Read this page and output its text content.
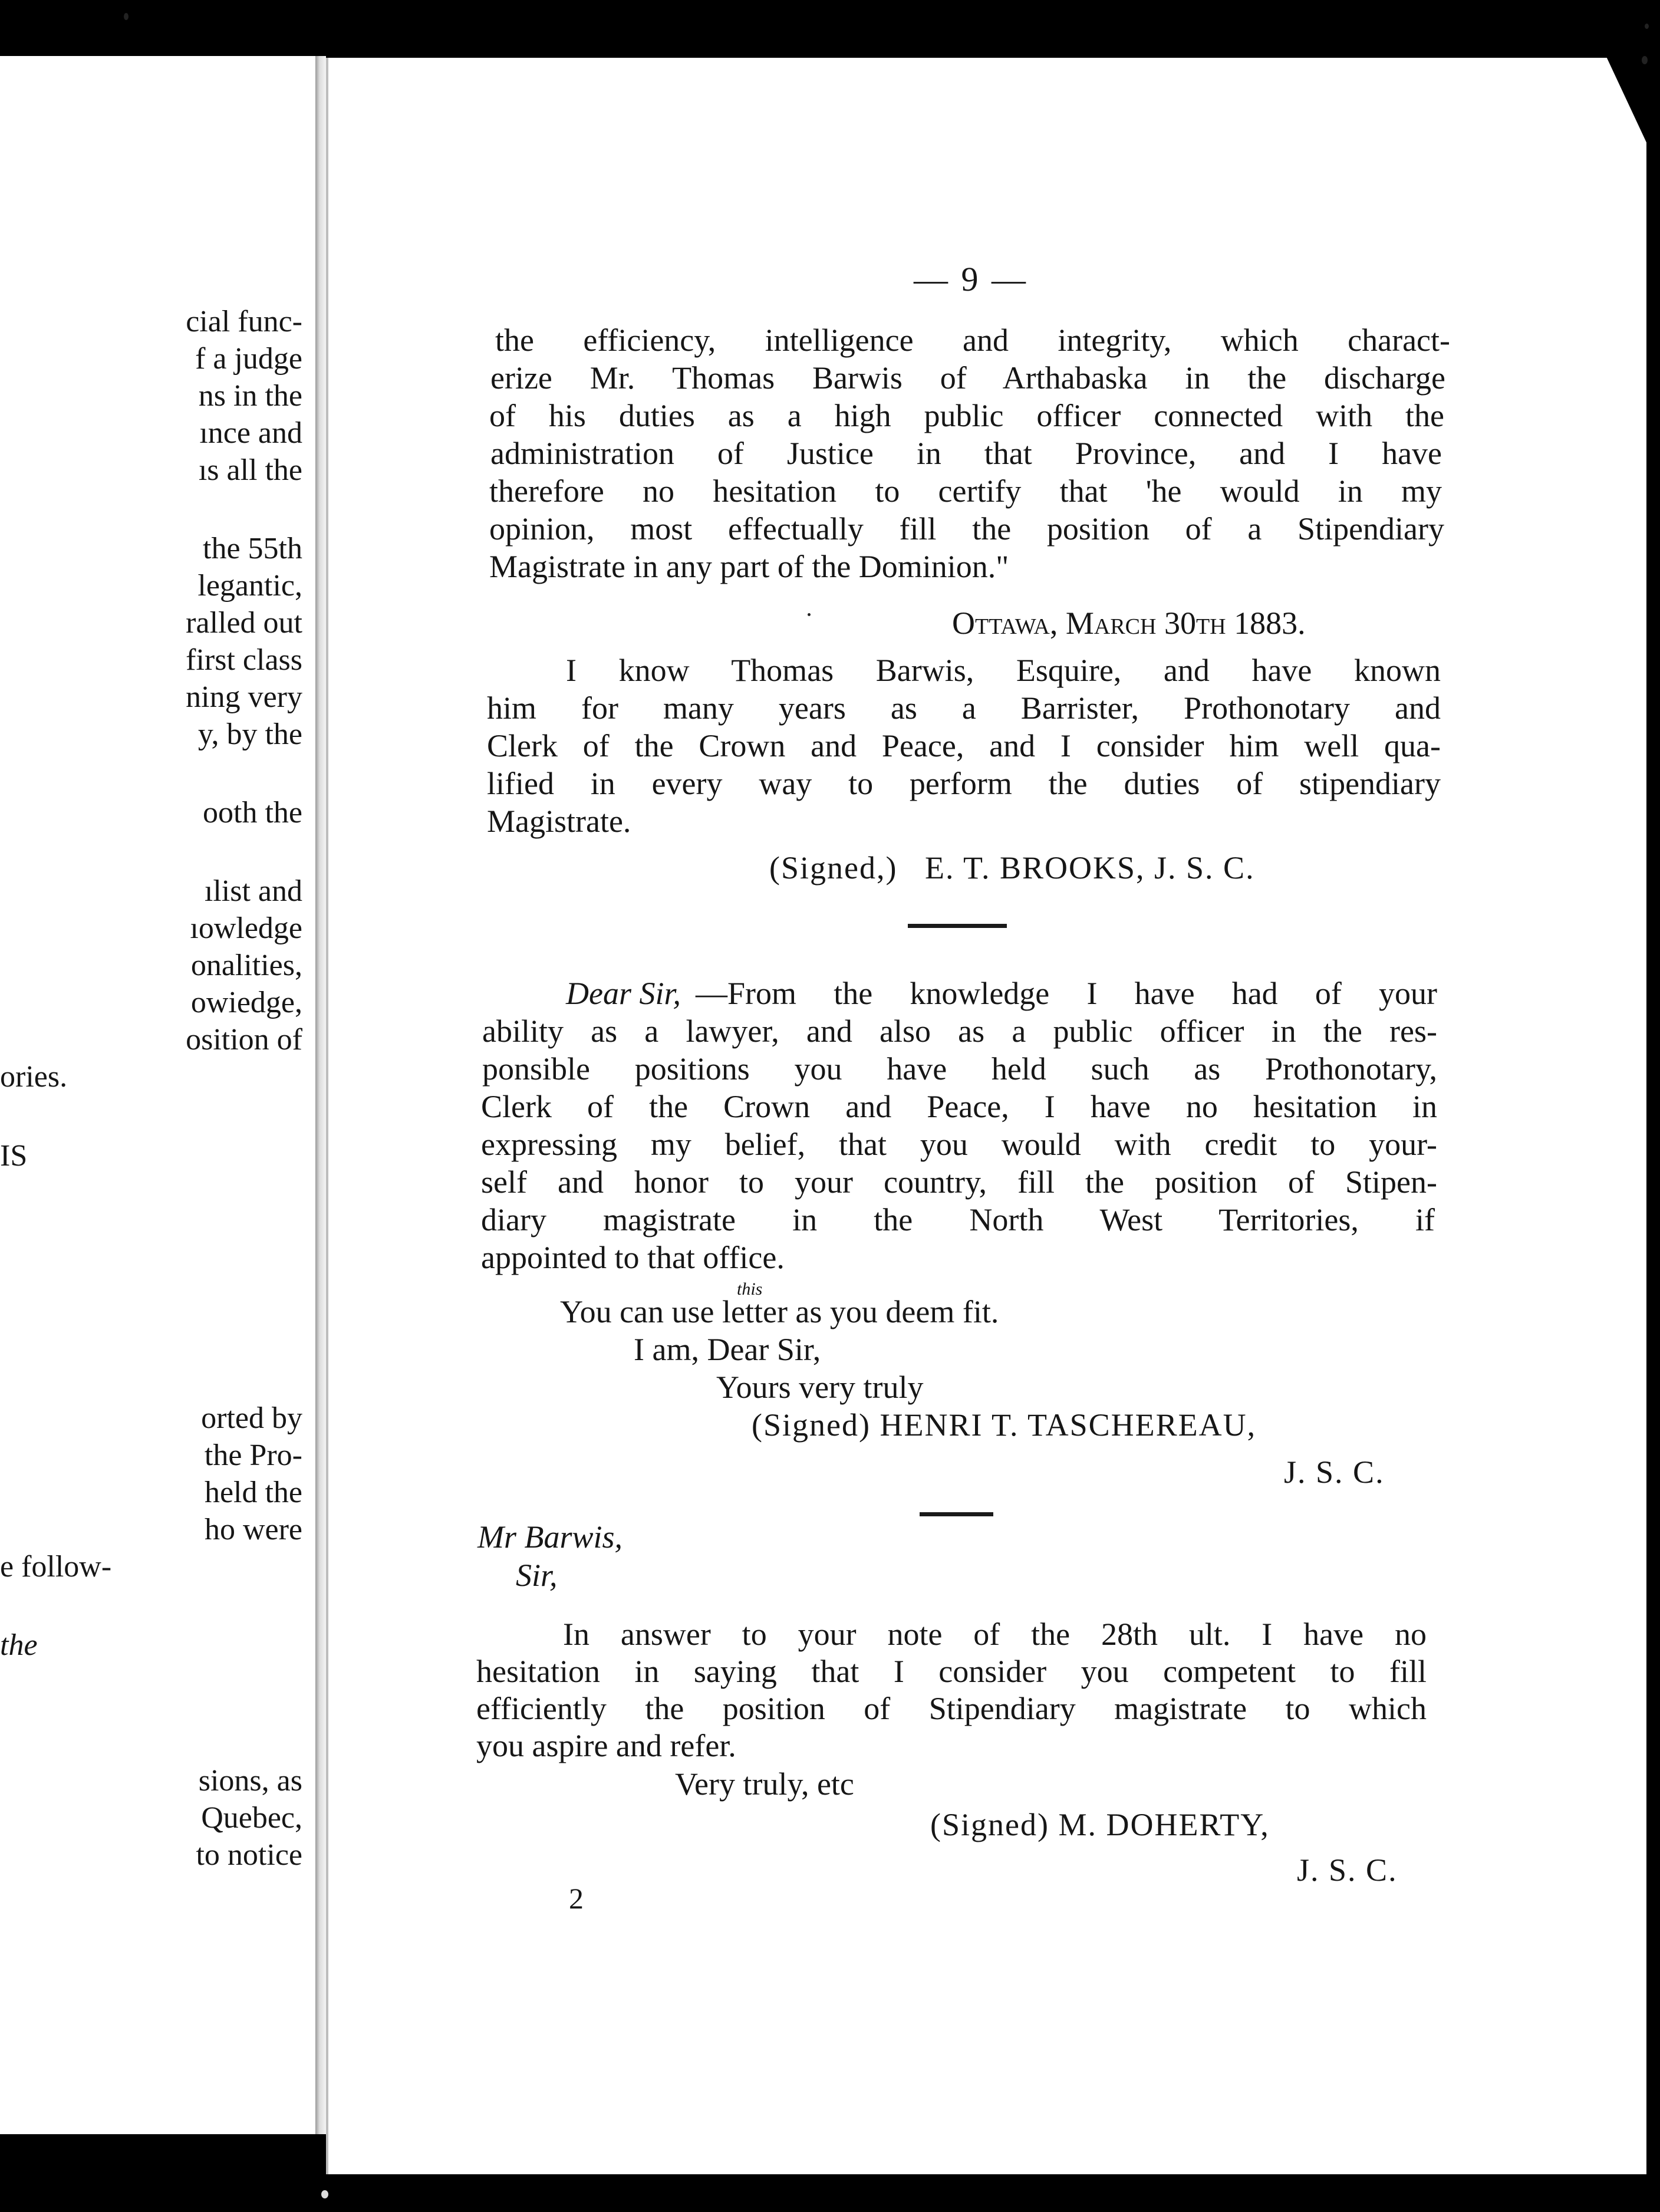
cial func-
f a judge
ns in the
ınce and
ıs all the
the 55th
legantic,
ralled out
first class
ning very
y, by the
ooth the
ılist and
ıowledge
onalities,
owiedge,
osition of
ories.
IS
orted by
the Pro-
held the
ho were
e follow-
the
sions, as
Quebec,
to notice
— 9 —
the efficiency, intelligence and integrity, which charact-
erize Mr. Thomas Barwis of Arthabaska in the discharge
of his duties as a high public officer connected with the
administration of Justice in that Province, and I have
therefore no hesitation to certify that 'he would in my
opinion, most effectually fill the position of a Stipendiary
Magistrate in any part of the Dominion."
Ottawa, March 30th 1883.
I know Thomas Barwis, Esquire, and have known
him for many years as a Barrister, Prothonotary and
Clerk of the Crown and Peace, and I consider him well qua-
lified in every way to perform the duties of stipendiary
Magistrate.
(Signed,)   E. T. BROOKS, J. S. C.
Dear Sir, —From the knowledge I have had of your
ability as a lawyer, and also as a public officer in the res-
ponsible positions you have held such as Prothonotary,
Clerk of the Crown and Peace, I have no hesitation in
expressing my belief, that you would with credit to your-
self and honor to your country, fill the position of Stipen-
diary magistrate in the North West Territories, if
appointed to that office.
this
You can use letter as you deem fit.
I am, Dear Sir,
Yours very truly
(Signed) HENRI T. TASCHEREAU,
J. S. C.
Mr Barwis,
Sir,
In answer to your note of the 28th ult. I have no
hesitation in saying that I consider you competent to fill
efficiently the position of Stipendiary magistrate to which
you aspire and refer.
Very truly, etc
(Signed) M. DOHERTY,
J. S. C.
2
